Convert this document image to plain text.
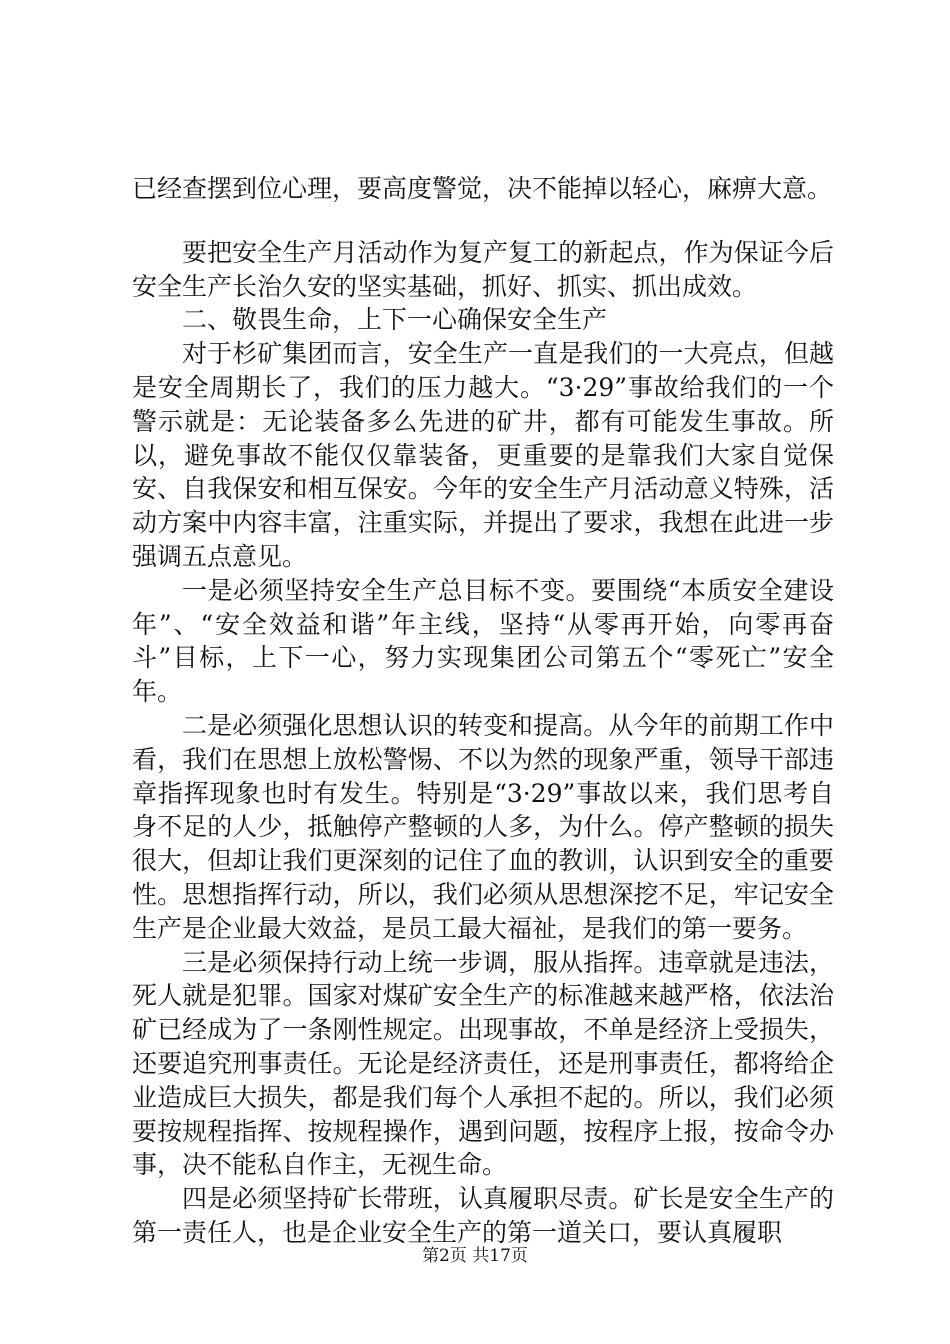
已经查摆到位心理，要高度警觉，决不能掉以轻心，麻痹大意。

要把安全生产月活动作为复产复工的新起点，作为保证今后安全生产长治久安的坚实基础，抓好、抓实、抓出成效。

二、敬畏生命，上下一心确保安全生产

对于杉矿集团而言，安全生产一直是我们的一大亮点，但越是安全周期长了，我们的压力越大。“3·29”事故给我们的一个警示就是：无论装备多么先进的矿井，都有可能发生事故。所以，避免事故不能仅仅靠装备，更重要的是靠我们大家自觉保安、自我保安和相互保安。今年的安全生产月活动意义特殊，活动方案中内容丰富，注重实际，并提出了要求，我想在此进一步强调五点意见。

一是必须坚持安全生产总目标不变。要围绕“本质安全建设年”、“安全效益和谐”年主线，坚持“从零再开始，向零再奋斗”目标，上下一心，努力实现集团公司第五个“零死亡”安全年。

二是必须强化思想认识的转变和提高。从今年的前期工作中看，我们在思想上放松警惕、不以为然的现象严重，领导干部违章指挥现象也时有发生。特别是“3·29”事故以来，我们思考自身不足的人少，抵触停产整顿的人多，为什么。停产整顿的损失很大，但却让我们更深刻的记住了血的教训，认识到安全的重要性。思想指挥行动，所以，我们必须从思想深挖不足，牢记安全生产是企业最大效益，是员工最大福祉，是我们的第一要务。

三是必须保持行动上统一步调，服从指挥。违章就是违法，死人就是犯罪。国家对煤矿安全生产的标准越来越严格，依法治矿已经成为了一条刚性规定。出现事故，不单是经济上受损失，还要追究刑事责任。无论是经济责任，还是刑事责任，都将给企业造成巨大损失，都是我们每个人承担不起的。所以，我们必须要按规程指挥、按规程操作，遇到问题，按程序上报，按命令办事，决不能私自作主，无视生命。

四是必须坚持矿长带班，认真履职尽责。矿长是安全生产的第一责任人，也是企业安全生产的第一道关口，要认真履职

第2页 共17页
